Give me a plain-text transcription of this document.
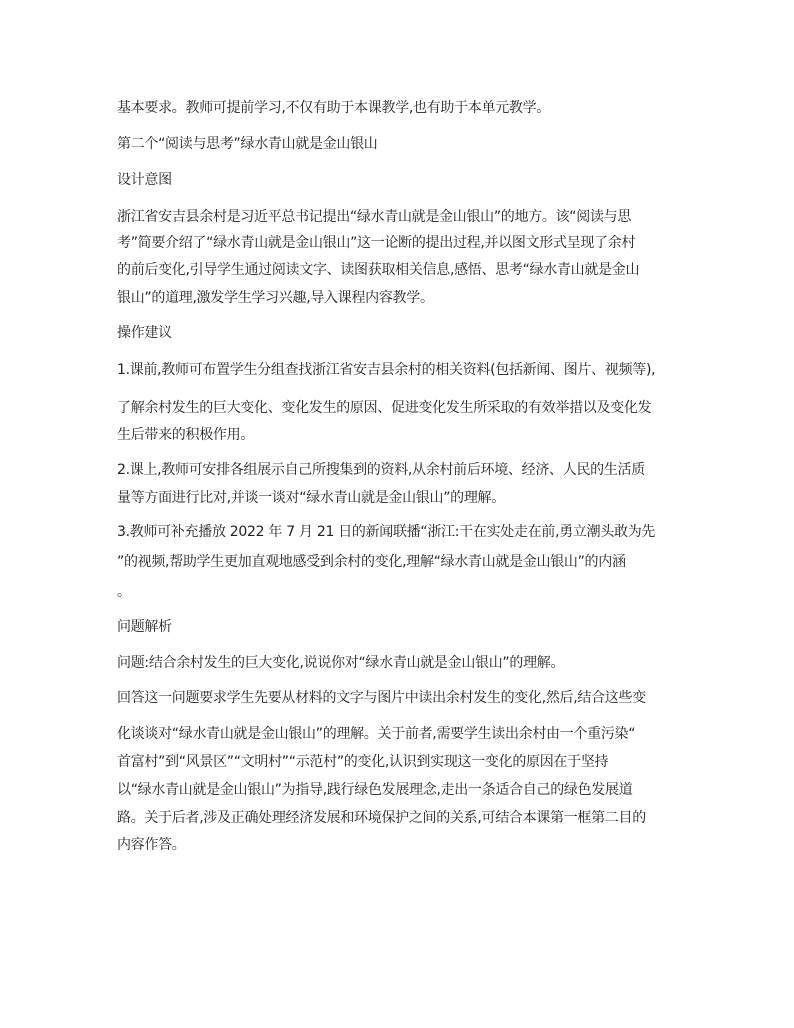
基本要求。教师可提前学习,不仅有助于本课教学,也有助于本单元教学。
第二个“阅读与思考”绿水青山就是金山银山
设计意图
浙江省安吉县余村是习近平总书记提出“绿水青山就是金山银山”的地方。该“阅读与思
考”简要介绍了“绿水青山就是金山银山”这一论断的提出过程,并以图文形式呈现了余村
的前后变化,引导学生通过阅读文字、读图获取相关信息,感悟、思考“绿水青山就是金山
银山”的道理,激发学生学习兴趣,导入课程内容教学。
操作建议
1.课前,教师可布置学生分组查找浙江省安吉县余村的相关资料(包括新闻、图片、视频等),
了解余村发生的巨大变化、变化发生的原因、促进变化发生所采取的有效举措以及变化发
生后带来的积极作用。
2.课上,教师可安排各组展示自己所搜集到的资料,从余村前后环境、经济、人民的生活质
量等方面进行比对,并谈一谈对“绿水青山就是金山银山”的理解。
3.教师可补充播放 2022 年 7 月 21 日的新闻联播“浙江:干在实处走在前,勇立潮头敢为先
”的视频,帮助学生更加直观地感受到余村的变化,理解“绿水青山就是金山银山”的内涵
。
问题解析
问题:结合余村发生的巨大变化,说说你对“绿水青山就是金山银山”的理解。
回答这一问题要求学生先要从材料的文字与图片中读出余村发生的变化,然后,结合这些变
化谈谈对“绿水青山就是金山银山”的理解。关于前者,需要学生读出余村由一个重污染“
首富村”到“风景区”“文明村”“示范村”的变化,认识到实现这一变化的原因在于坚持
以“绿水青山就是金山银山”为指导,践行绿色发展理念,走出一条适合自己的绿色发展道
路。关于后者,涉及正确处理经济发展和环境保护之间的关系,可结合本课第一框第二目的
内容作答。
